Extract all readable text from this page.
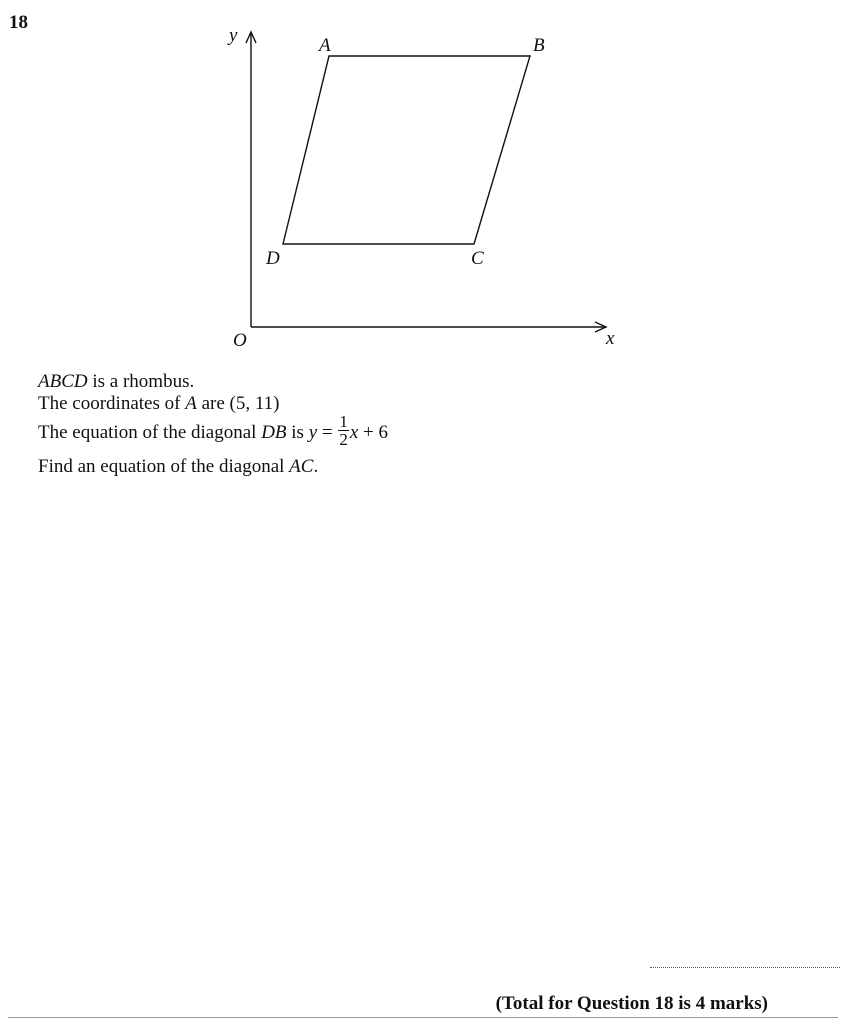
18
y
x
O
A	B
C
D
ABCD is a rhombus.
The coordinates of A are (5, 11)
The equation of the diagonal DB is $y = \frac{1}{2}$ x + 6
Find an equation of the diagonal AC.
(Total for Question 18 is 4 marks)
